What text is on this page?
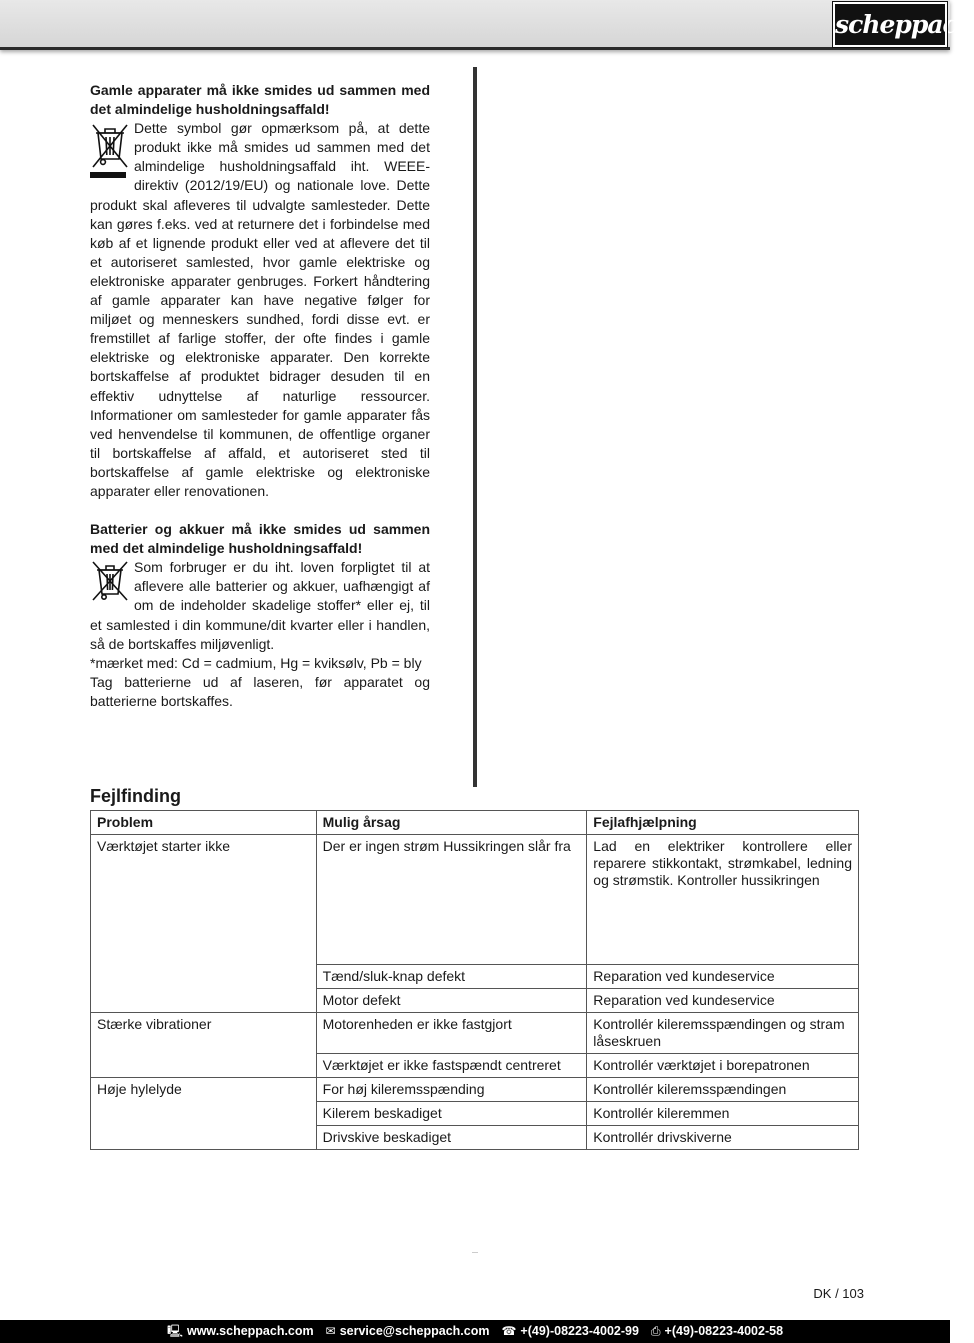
scheppach

Gamle apparater må ikke smides ud sammen med det almindelige husholdningsaffald!

Dette symbol gør opmærksom på, at dette produkt ikke må smides ud sammen med det almindelige husholdningsaffald iht. WEEE-direktiv (2012/19/EU) og nationale love. Dette produkt skal afleveres til udvalgte samlesteder. Dette kan gøres f.eks. ved at returnere det i forbindelse med køb af et lignende produkt eller ved at aflevere det til et autoriseret samlested, hvor gamle elektriske og elektroniske apparater genbruges. Forkert håndtering af gamle apparater kan have negative følger for miljøet og menneskers sundhed, fordi disse evt. er fremstillet af farlige stoffer, der ofte findes i gamle elektriske og elektroniske apparater. Den korrekte bortskaffelse af produktet bidrager desuden til en effektiv udnyttelse af naturlige ressourcer. Informationer om samlesteder for gamle apparater fås ved henvendelse til kommunen, de offentlige organer til bortskaffelse af affald, et autoriseret sted til bortskaffelse af gamle elektriske og elektroniske apparater eller renovationen.

Batterier og akkuer må ikke smides ud sammen med det almindelige husholdningsaffald!

Som forbruger er du iht. loven forpligtet til at aflevere alle batterier og akkuer, uafhængigt af om de indeholder skadelige stoffer* eller ej, til et samlested i din kommune/dit kvarter eller i handlen, så de bortskaffes miljøvenligt.

*mærket med: Cd = cadmium, Hg = kviksølv, Pb = bly

Tag batterierne ud af laseren, før apparatet og batterierne bortskaffes.

Fejlfinding
Problem	Mulig årsag	Fejlafhjælpning
Værktøjet starter ikke	Der er ingen strøm Hussikringen slår fra	Lad en elektriker kontrollere eller reparere stikkontakt, strømkabel, ledning og strømstik. Kontroller hussikringen
	Tænd/sluk-knap defekt	Reparation ved kundeservice
	Motor defekt	Reparation ved kundeservice
Stærke vibrationer	Motorenheden er ikke fastgjort	Kontrollér kileremsspændingen og stram låseskruen
	Værktøjet er ikke fastspændt centreret	Kontrollér værktøjet i borepatronen
Høje hylelyde	For høj kileremsspænding	Kontrollér kileremsspændingen
	Kilerem beskadiget	Kontrollér kileremmen
	Drivskive beskadiget	Kontrollér drivskiverne
DK / 103
🖳 www.scheppach.com ✉ service@scheppach.com ☎ +(49)-08223-4002-99 ⎙ +(49)-08223-4002-58
